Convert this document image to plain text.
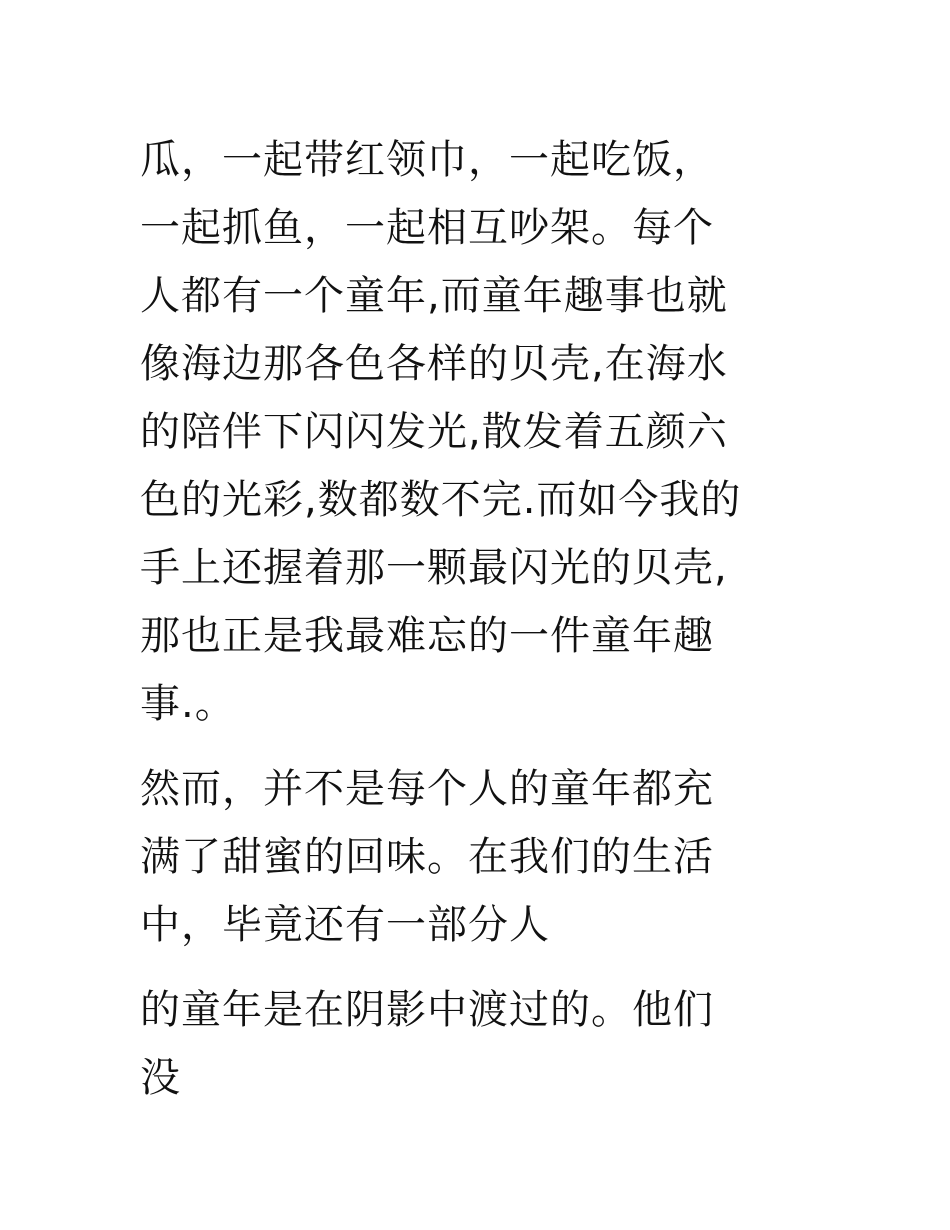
瓜，一起带红领巾，一起吃饭，
一起抓鱼，一起相互吵架。每个
人都有一个童年,而童年趣事也就
像海边那各色各样的贝壳,在海水
的陪伴下闪闪发光,散发着五颜六
色的光彩,数都数不完.而如今我的
手上还握着那一颗最闪光的贝壳,
那也正是我最难忘的一件童年趣
事.。
然而，并不是每个人的童年都充
满了甜蜜的回味。在我们的生活
中，毕竟还有一部分人
的童年是在阴影中渡过的。他们
没
